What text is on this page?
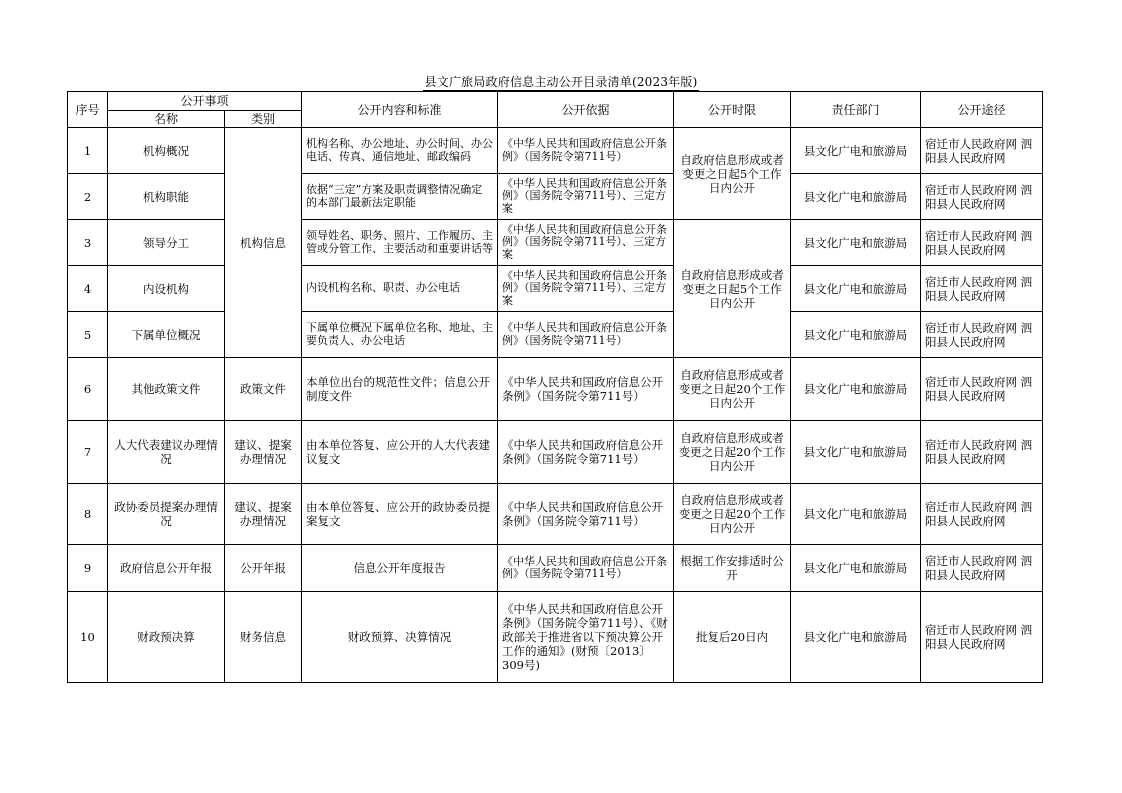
县文广旅局政府信息主动公开目录清单(2023年版)
序号	公开事项		公开内容和标准	公开依据	公开时限	责任部门	公开途径
	名称	类别					
1	机构概况	机构信息	机构名称、办公地址、办公时间、办公电话、传真、通信地址、邮政编码	《中华人民共和国政府信息公开条例》（国务院令第711号）	自政府信息形成或者变更之日起5个工作日内公开	县文化广电和旅游局	宿迁市人民政府网 泗阳县人民政府网
2	机构职能		依据“三定”方案及职责调整情况确定的本部门最新法定职能	《中华人民共和国政府信息公开条例》（国务院令第711号）、三定方案		县文化广电和旅游局	宿迁市人民政府网 泗阳县人民政府网
3	领导分工		领导姓名、职务、照片、工作履历、主管或分管工作、主要活动和重要讲话等	《中华人民共和国政府信息公开条例》（国务院令第711号）、三定方案	自政府信息形成或者变更之日起5个工作日内公开	县文化广电和旅游局	宿迁市人民政府网 泗阳县人民政府网
4	内设机构		内设机构名称、职责、办公电话	《中华人民共和国政府信息公开条例》（国务院令第711号）、三定方案		县文化广电和旅游局	宿迁市人民政府网 泗阳县人民政府网
5	下属单位概况		下属单位概况下属单位名称、地址、主要负责人、办公电话	《中华人民共和国政府信息公开条例》（国务院令第711号）		县文化广电和旅游局	宿迁市人民政府网 泗阳县人民政府网
6	其他政策文件	政策文件	本单位出台的规范性文件；信息公开制度文件	《中华人民共和国政府信息公开条例》（国务院令第711号）	自政府信息形成或者变更之日起20个工作日内公开	县文化广电和旅游局	宿迁市人民政府网 泗阳县人民政府网
7	人大代表建议办理情况	建议、提案办理情况	由本单位答复、应公开的人大代表建议复文	《中华人民共和国政府信息公开条例》（国务院令第711号）	自政府信息形成或者变更之日起20个工作日内公开	县文化广电和旅游局	宿迁市人民政府网 泗阳县人民政府网
8	政协委员提案办理情况	建议、提案办理情况	由本单位答复、应公开的政协委员提案复文	《中华人民共和国政府信息公开条例》（国务院令第711号）	自政府信息形成或者变更之日起20个工作日内公开	县文化广电和旅游局	宿迁市人民政府网 泗阳县人民政府网
9	政府信息公开年报	公开年报	信息公开年度报告	《中华人民共和国政府信息公开条例》（国务院令第711号）	根据工作安排适时公开	县文化广电和旅游局	宿迁市人民政府网 泗阳县人民政府网
10	财政预决算	财务信息	财政预算、决算情况	《中华人民共和国政府信息公开条例》（国务院令第711号）、《财政部关于推进省以下预决算公开工作的通知》(财预〔2013〕309号)	批复后20日内	县文化广电和旅游局	宿迁市人民政府网 泗阳县人民政府网
